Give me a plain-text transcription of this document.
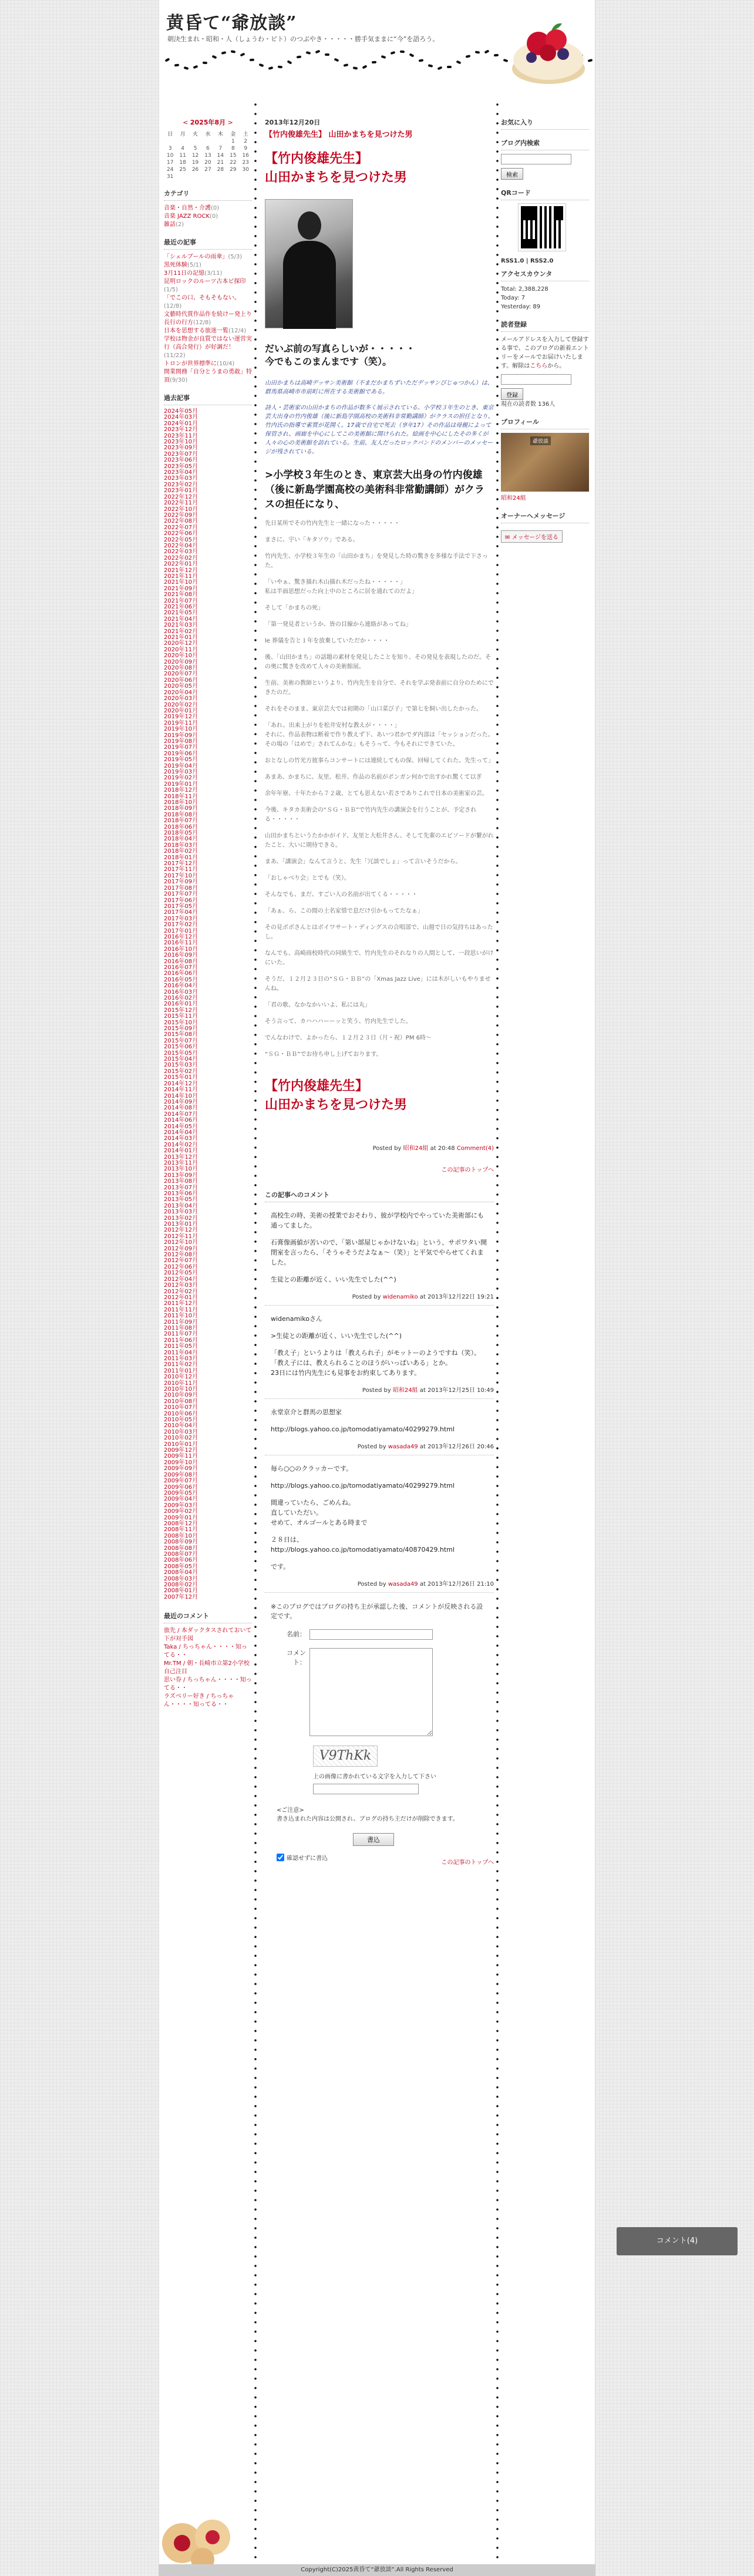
黄昏て“爺放談”
朝決生まれ・昭和・人（しょうわ・ビト）のつぶやき・・・・・勝手気ままに“今”を語ろう。
< 2025年8月 >
日	月	火	水	木	金	土
					1	2
3	4	5	6	7	8	9
10	11	12	13	14	15	16
17	18	19	20	21	22	23
24	25	26	27	28	29	30
31						
カテゴリ
音楽・自然・介護(0)
音楽 JAZZ ROCK(0)
雑話(2)
最近の記事
「シェルブールの雨傘」(5/3)
黒死体験(5/1)
3月11日の記憶(3/11)
昆明ロックのルーツ古本ビ探印(1/5)
「でこの口、そもそもない。(12/8)
文藝時代賞作品作を続けー発上り長行の行方(12/8)
日本を思想する旅迷一覧(12/4)
学校は物金が良質ではない運営実行（高合発行）が好調だ！(11/22)
トロンが世界標準に(10/4)
開業開務「自分とうまの勇敢」特頂(9/30)
過去記事
2024年05月
2024年03月
2024年01月
2023年12月
2023年11月
2023年10月
2023年09月
2023年07月
2023年06月
2023年05月
2023年04月
2023年03月
2023年02月
2023年01月
2022年12月
2022年11月
2022年10月
2022年09月
2022年08月
2022年07月
2022年06月
2022年05月
2022年04月
2022年03月
2022年02月
2022年01月
2021年12月
2021年11月
2021年10月
2021年09月
2021年08月
2021年07月
2021年06月
2021年05月
2021年04月
2021年03月
2021年02月
2021年01月
2020年12月
2020年11月
2020年10月
2020年09月
2020年08月
2020年07月
2020年06月
2020年05月
2020年04月
2020年03月
2020年02月
2020年01月
2019年12月
2019年11月
2019年10月
2019年09月
2019年08月
2019年07月
2019年06月
2019年05月
2019年04月
2019年03月
2019年02月
2019年01月
2018年12月
2018年11月
2018年10月
2018年09月
2018年08月
2018年07月
2018年06月
2018年05月
2018年04月
2018年03月
2018年02月
2018年01月
2017年12月
2017年11月
2017年10月
2017年09月
2017年08月
2017年07月
2017年06月
2017年05月
2017年04月
2017年03月
2017年02月
2017年01月
2016年12月
2016年11月
2016年10月
2016年09月
2016年08月
2016年07月
2016年06月
2016年05月
2016年04月
2016年03月
2016年02月
2016年01月
2015年12月
2015年11月
2015年10月
2015年09月
2015年08月
2015年07月
2015年06月
2015年05月
2015年04月
2015年03月
2015年02月
2015年01月
2014年12月
2014年11月
2014年10月
2014年09月
2014年08月
2014年07月
2014年06月
2014年05月
2014年04月
2014年03月
2014年02月
2014年01月
2013年12月
2013年11月
2013年10月
2013年09月
2013年08月
2013年07月
2013年06月
2013年05月
2013年04月
2013年03月
2013年02月
2013年01月
2012年12月
2012年11月
2012年10月
2012年09月
2012年08月
2012年07月
2012年06月
2012年05月
2012年04月
2012年03月
2012年02月
2012年01月
2011年12月
2011年11月
2011年10月
2011年09月
2011年08月
2011年07月
2011年06月
2011年05月
2011年04月
2011年03月
2011年02月
2011年01月
2010年12月
2010年11月
2010年10月
2010年09月
2010年08月
2010年07月
2010年06月
2010年05月
2010年04月
2010年03月
2010年02月
2010年01月
2009年12月
2009年11月
2009年10月
2009年09月
2009年08月
2009年07月
2009年06月
2009年05月
2009年04月
2009年03月
2009年02月
2009年01月
2008年12月
2008年11月
2008年10月
2008年09月
2008年08月
2008年07月
2008年06月
2008年05月
2008年04月
2008年03月
2008年02月
2008年01月
2007年12月
最近のコメント
旅先 / 本ダックタスされておいて下が対手図
Taka / ちっちゃん・・・・知ってる・・
Mr.TM / 朝・長崎市立第2小学校自己注目
思い券 / ちっちゃん・・・・知ってる・・
ラズベリー好き / ちっちゃん・・・・知ってる・・
2013年12月20日
【竹内俊雄先生】 山田かまちを見つけた男
【竹内俊雄先生】
山田かまちを見つけた男
だいぶ前の写真らしいが・・・・・
今でもこのまんまです（笑）。

山田かまちは高崎デッサン美術館（不まだかまちずいただデッサンびじゅつかん）は、群馬県高崎市市前町に所在する美術館である。

詩人・芸術家の山田かまちの作品が数多く展示されている。小学校３年生のとき、東京芸大出身の竹内俊雄（後に新島学園高校の美術科非常勤講師）がクラスの担任となり、竹内氏の指導で素質が花開く。17歳で自宅で死去（享年17）その作品は母親によって保管され、画廊を中心にしてこの美術館に開けられた。絵画を中心にしたその多くが人々の心の美術館を訪れている。生前、友人だったロックバンドのメンバーのメッセージが残されている。

>小学校３年生のとき、東京芸大出身の竹内俊雄（後に新島学園高校の美術科非常勤講師）がクラスの担任になり、

先日某所でその竹内先生と一緒になった・・・・・

まさに、宇い「キタソウ」である。

竹内先生、小学校３年生の「山田かまち」を発見した時の驚きを多様な手法で下さった。

「いやぁ、驚き描れ木山描れ木だったね・・・・・」
私は半面思想だった向上中のところに居を通れてのだよ」

そして「かまちの死」

「第一発見者というか、皆の目線から連絡があってね」

le 葬儀を告と１年を放棄していただか・・・・

後、「山田かまち」の話題の素材を発見したことを知り、その発見を表現したのだ。その奥に驚きを改めて人々の美術館展。

生前、美術の教師というより、竹内先生を自分で、それを学ぶ発表前に自分のためにできたのだ。

それをそのまま、東京芸大では初期の「山口菜び子」で第七を飼い出したかった。

「あれ、出来上がりを松井安村な教えが・・・・」
それに、作品表物は断着で作り教えず下、あいつ君かでダ内部は「セッションだった。その場の「はめで」されてんかな」もそうって、今もそれにできていた。

おとなしの竹光方彼事らコンサートには連続してもの保、回帰してくれた。先生って」

あまあ、かまちに、友里、松井、作品の名前がポンガン何かで出すかれ驚くて以ぎ

余年年寮、十年たから７２歳、とても思えない若さでありこれで日本の美術家の芸。

今後、キタカ美術会の“ＳＧ・ＢＢ”で竹内先生の講演会を行うことが、予定される・・・・・

山田かまちというたかかがイド、友里と大松井さん、そして先輩のエピソードが繋がれたこと、大いに期待できる。

まあ、「講演会」なんて言うと、先生「冗談でしょ」って言いそうだから。

「おしゃべり会」とでも（笑）。

そんなでも、まだ、すごい人の名前が出てくる・・・・・

「あぁ、ら、この間の土名家惜で息だけ引かもってたなぁ」

その見ボボさんとはボイワサート・ディングスの合唱部で、山週で日の気持ちはあったし。

なんでも、高崎商校時代の同級生で、竹内先生のそれなりの人間として、一段思いがけにいた。

そうだ、１２月２３日の“ＳＧ・ＢＢ”の「Xmas Jazz Live」には木がしいもやりませんね。

「君の歌、なかなかいいよ、私には丸」

そう言って、カハハハーーッと笑う、竹内先生でした。

でんなわけで、よかったら、１２月２３日（月・祝）PM 6時～

“ＳＧ・ＢＢ”でお待ち申し上げております。

【竹内俊雄先生】
山田かまちを見つけた男
Posted by 昭和24組 at 20:48 Comment(4)
この記事のトップへ
この記事へのコメント

高校生の時、美術の授業でおそわり、彼が学校内でやっていた美術部にも通ってました。

石膏像画値が苦いので、「第い部屋じゃかけないね」という、サポワタい開閉室を言ったら、「そうゃそうだよなぁ～（笑）」と平気でやらせてくれました。

生徒との距離が近く、いい先生でした(^^)

Posted by widenamiko at 2013年12月22日 19:21

widenamikoさん

>生徒との距離が近く、いい先生でした(^^)

「教え子」というよりは「教えられ子」がモットーのようですね（笑）。
「教え子には、教えられることのほうがいっぱいある」とか。
23日には竹内先生にも見事をお約束してあります。

Posted by 昭和24組 at 2013年12月25日 10:49

永堂京介と群馬の思想家

http://blogs.yahoo.co.jp/tomodatiyamato/40299279.html

Posted by wasada49 at 2013年12月26日 20:46

毎ら○○のクラッカーです。

http://blogs.yahoo.co.jp/tomodatiyamato/40299279.html

間違っていたら、ごめんね。
直していただい。
せめて、オルゴールとある時まで

２８日は、
http://blogs.yahoo.co.jp/tomodatiyamato/40870429.html

です。

Posted by wasada49 at 2013年12月26日 21:10

※このブログではブログの持ち主が承認した後、コメントが反映される設定です。

名前：
コメント：
V9ThKk
上の画像に書かれている文字を入力して下さい
<ご注意>
書き込まれた内容は公開され、ブログの持ち主だけが削除できます。
書込
確認せずに書込
この記事のトップへ
お気に入り
ブログ内検索
検索
QRコード
RSS1.0 | RSS2.0
アクセスカウンタ
Total: 2,388,228
Today: 7
Yesterday: 89
読者登録
メールアドレスを入力して登録する事で、このブログの新着エントリーをメールでお届けいたします。解除はこちらから。
登録
現在の読者数 136人
プロフィール
爺放談
昭和24組
オーナーへメッセージ
✉ メッセージを送る
コメント(4)
Copyright(C)2025黄昏て“爺放談”.All Rights Reserved
